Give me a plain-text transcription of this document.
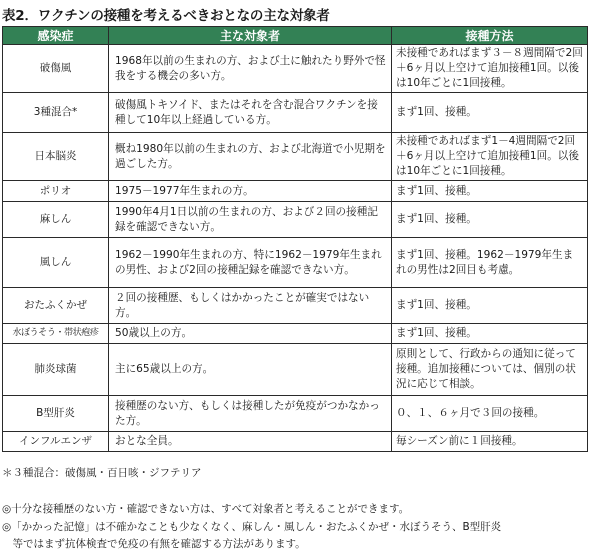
表2．ワクチンの接種を考えるべきおとなの主な対象者
感染症	主な対象者	接種方法
破傷風	1968年以前の生まれの方、および土に触れたり野外で怪我をする機会の多い方。	未接種であればまず３－８週間隔で2回＋6ヶ月以上空けて追加接種1回。以後は10年ごとに1回接種。
3種混合*	破傷風トキソイド、またはそれを含む混合ワクチンを接種して10年以上経過している方。	まず1回、接種。
日本脳炎	概ね1980年以前の生まれの方、および北海道で小児期を過ごした方。	未接種であればまず1－4週間隔で2回＋6ヶ月以上空けて追加接種1回。以後は10年ごとに1回接種。
ポリオ	1975－1977年生まれの方。	まず1回、接種。
麻しん	1990年4月1日以前の生まれの方、および２回の接種記録を確認できない方。	まず1回、接種。
風しん	1962－1990年生まれの方、特に1962－1979年生まれの男性、および2回の接種記録を確認できない方。	まず1回、接種。1962－1979年生まれの男性は2回目も考慮。
おたふくかぜ	２回の接種歴、もしくはかかったことが確実ではない方。	まず1回、接種。
水ぼうそう・帯状疱疹	50歳以上の方。	まず1回、接種。
肺炎球菌	主に65歳以上の方。	原則として、行政からの通知に従って接種。追加接種については、個別の状況に応じて相談。
B型肝炎	接種歴のない方、もしくは接種したが免疫がつかなかった方。	０、１、６ヶ月で３回の接種。
インフルエンザ	おとな全員。	毎シーズン前に１回接種。
＊３種混合：破傷風・百日咳・ジフテリア
◎十分な接種歴のない方・確認できない方は、すべて対象者と考えることができます。
◎「かかった記憶」は不確かなことも少なくなく、麻しん・風しん・おたふくかぜ・水ぼうそう、B型肝炎
　等ではまず抗体検査で免疫の有無を確認する方法があります。
